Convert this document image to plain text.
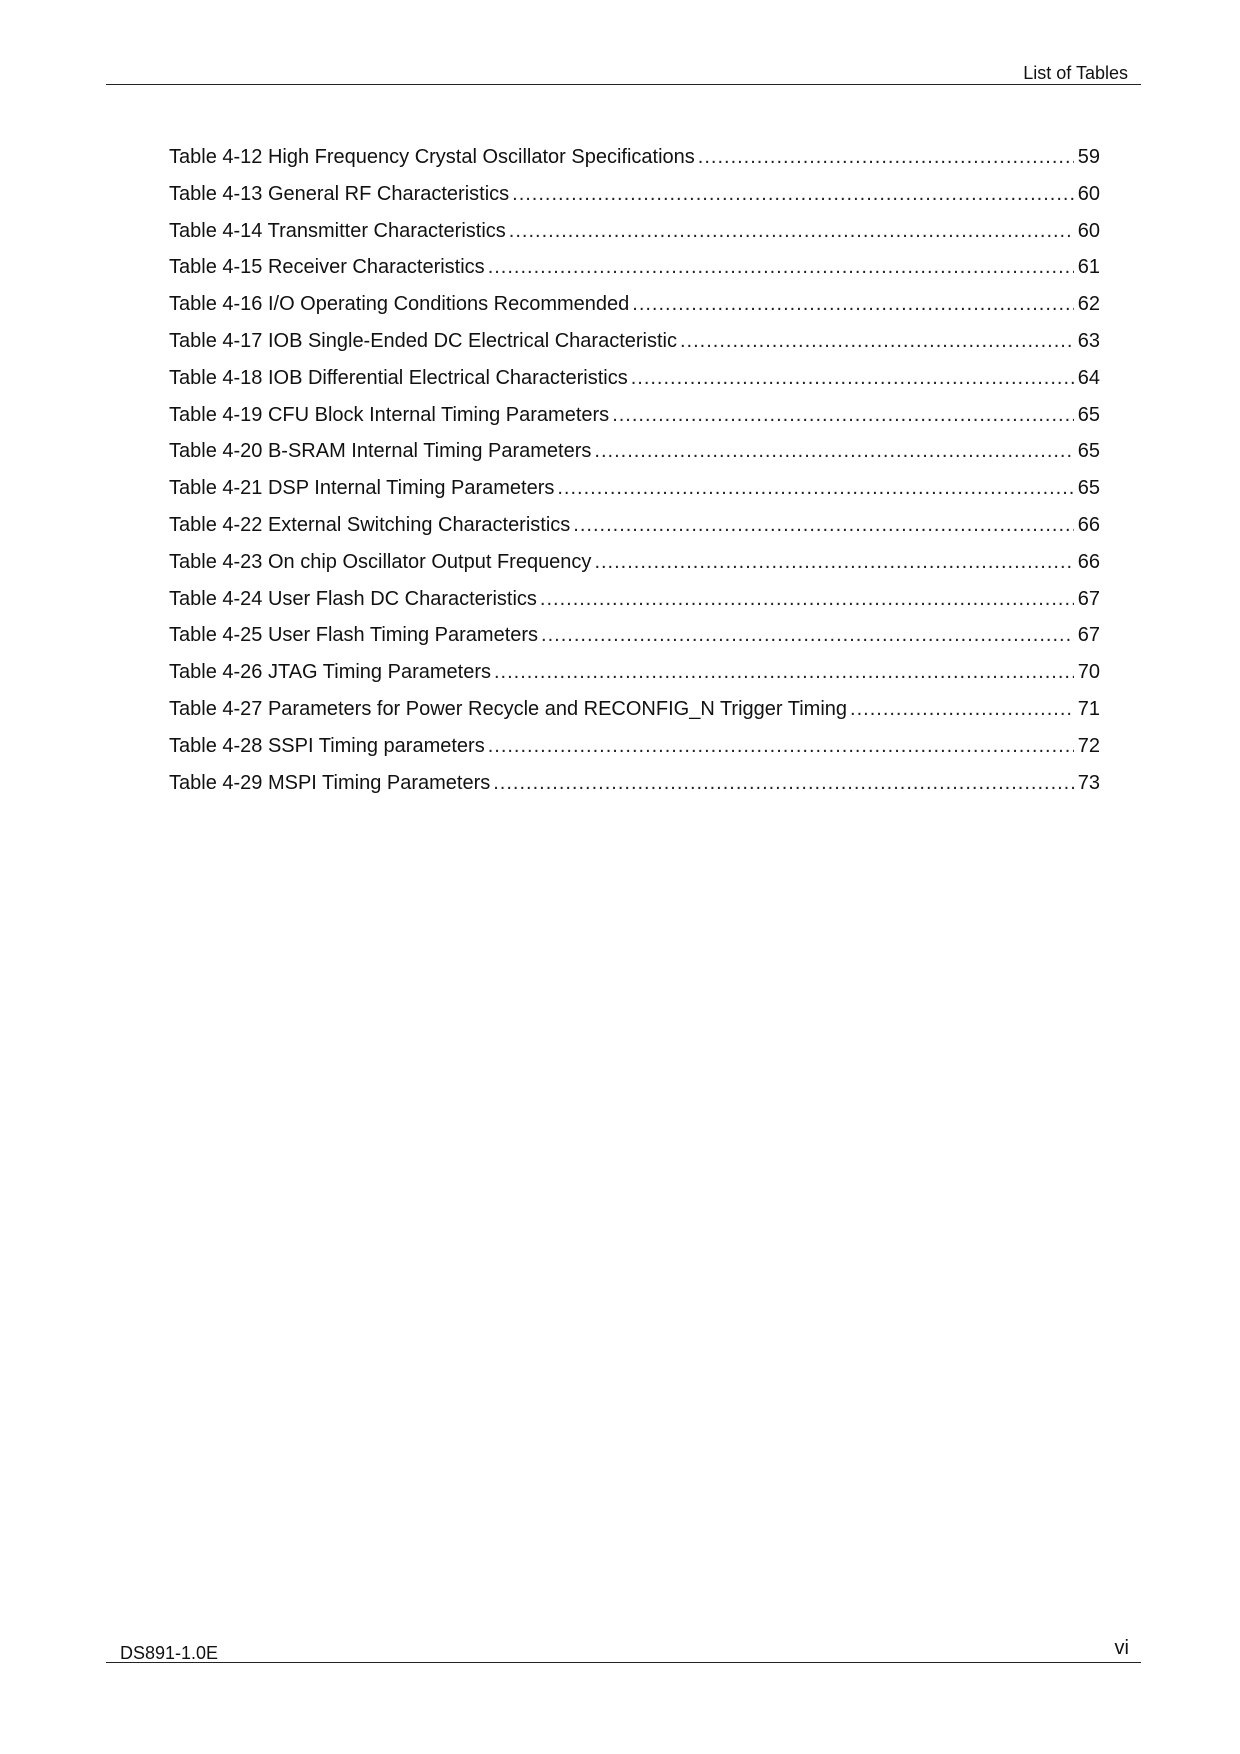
List of Tables
Table 4-12 High Frequency Crystal Oscillator Specifications .....	59
Table 4-13 General RF Characteristics .....	60
Table 4-14 Transmitter Characteristics .....	60
Table 4-15 Receiver Characteristics .....	61
Table 4-16 I/O Operating Conditions Recommended .....	62
Table 4-17 IOB Single‐Ended DC Electrical Characteristic .....	63
Table 4-18 IOB Differential Electrical Characteristics .....	64
Table 4-19 CFU Block Internal Timing Parameters .....	65
Table 4-20 B-SRAM Internal Timing Parameters .....	65
Table 4-21 DSP Internal Timing Parameters .....	65
Table 4-22 External Switching Characteristics .....	66
Table 4-23 On chip Oscillator Output Frequency .....	66
Table 4-24 User Flash DC Characteristics .....	67
Table 4-25 User Flash Timing Parameters .....	67
Table 4-26 JTAG Timing Parameters .....	70
Table 4-27 Parameters for Power Recycle and RECONFIG_N Trigger Timing .....	71
Table 4-28 SSPI Timing parameters .....	72
Table 4-29 MSPI Timing Parameters .....	73
DS891-1.0E	vi
